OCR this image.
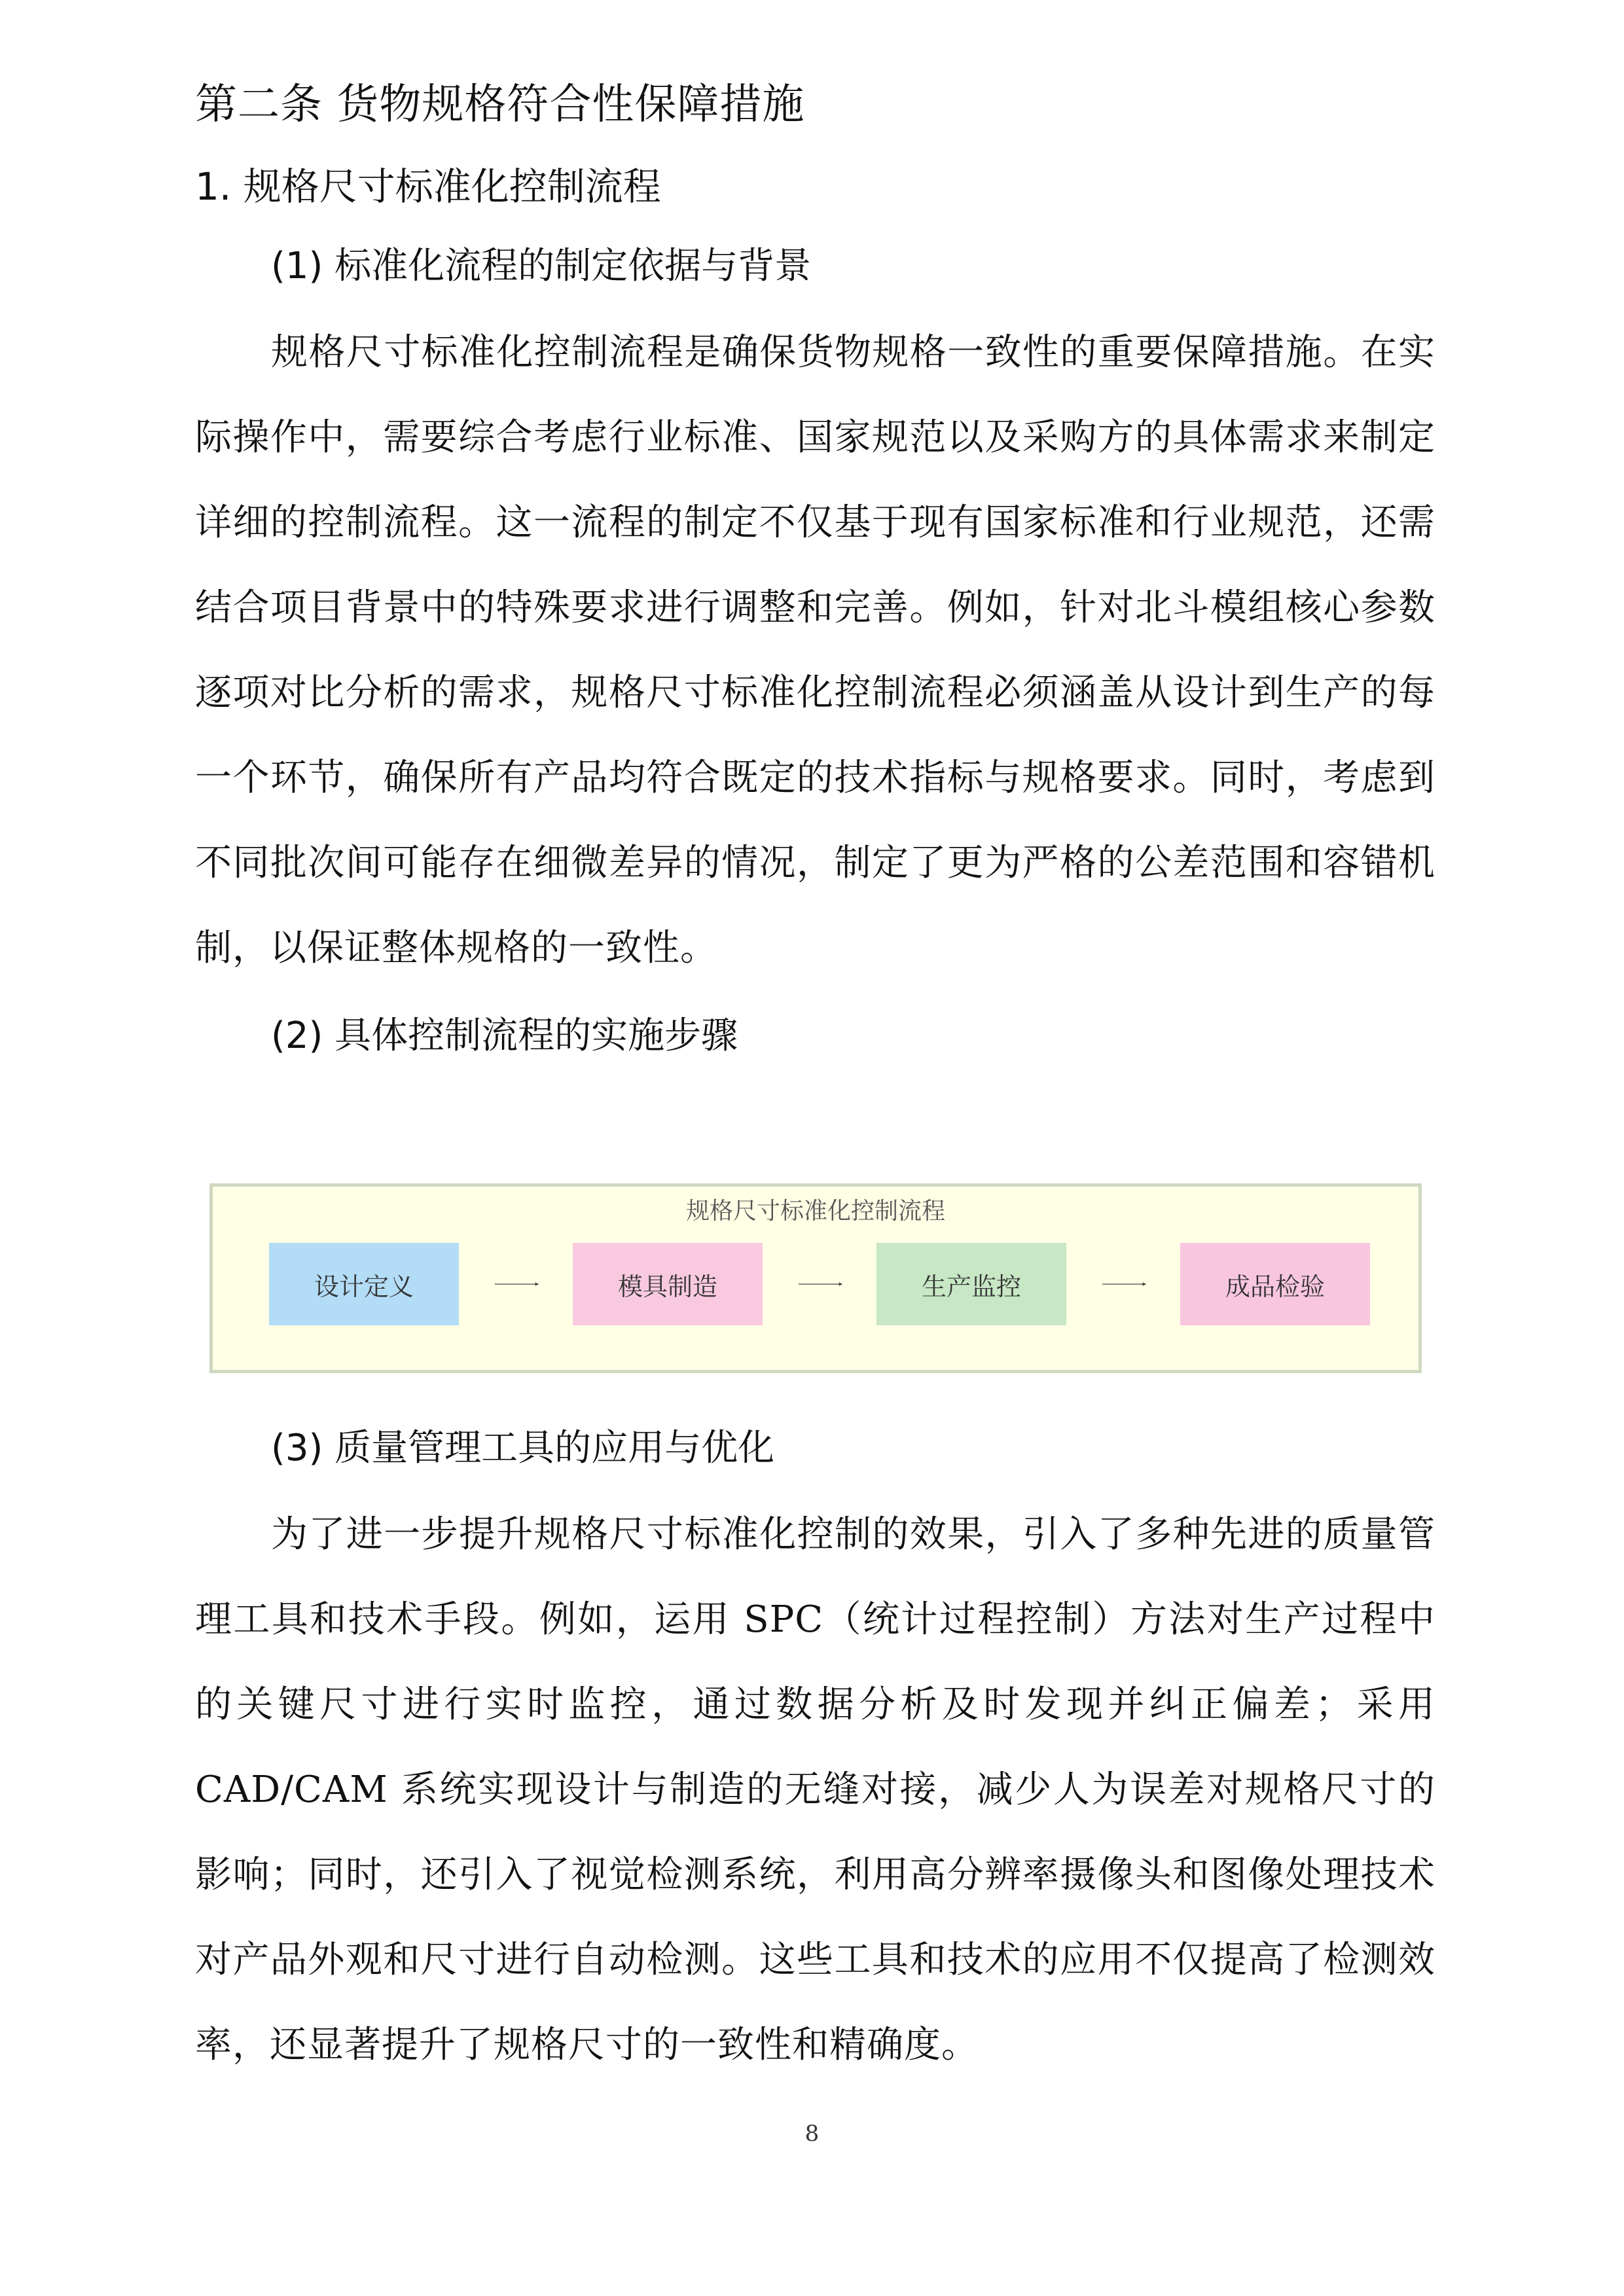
第二条 货物规格符合性保障措施
1. 规格尺寸标准化控制流程
(1) 标准化流程的制定依据与背景

规格尺寸标准化控制流程是确保货物规格一致性的重要保障措施。在实际操作中，需要综合考虑行业标准、国家规范以及采购方的具体需求来制定详细的控制流程。这一流程的制定不仅基于现有国家标准和行业规范，还需结合项目背景中的特殊要求进行调整和完善。例如，针对北斗模组核心参数逐项对比分析的需求，规格尺寸标准化控制流程必须涵盖从设计到生产的每一个环节，确保所有产品均符合既定的技术指标与规格要求。同时，考虑到不同批次间可能存在细微差异的情况，制定了更为严格的公差范围和容错机制，以保证整体规格的一致性。

(2) 具体控制流程的实施步骤
规格尺寸标准化控制流程
设计定义	模具制造	生产监控	成品检验
(3) 质量管理工具的应用与优化

为了进一步提升规格尺寸标准化控制的效果，引入了多种先进的质量管理工具和技术手段。例如，运用 SPC（统计过程控制）方法对生产过程中的关键尺寸进行实时监控，通过数据分析及时发现并纠正偏差；采用 CAD/CAM 系统实现设计与制造的无缝对接，减少人为误差对规格尺寸的影响；同时，还引入了视觉检测系统，利用高分辨率摄像头和图像处理技术对产品外观和尺寸进行自动检测。这些工具和技术的应用不仅提高了检测效率，还显著提升了规格尺寸的一致性和精确度。

8
